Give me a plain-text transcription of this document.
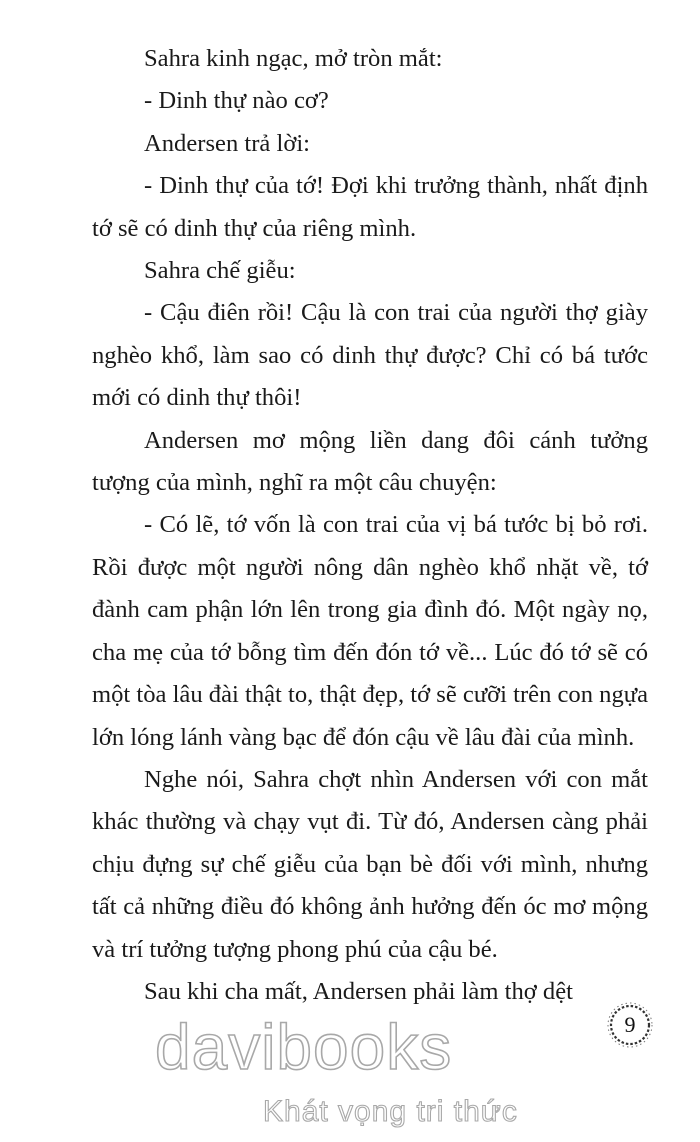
Sahra kinh ngạc, mở tròn mắt:

- Dinh thự nào cơ?

Andersen trả lời:

- Dinh thự của tớ! Đợi khi trưởng thành, nhất định tớ sẽ có dinh thự của riêng mình.

Sahra chế giễu:

- Cậu điên rồi! Cậu là con trai của người thợ giày nghèo khổ, làm sao có dinh thự được? Chỉ có bá tước mới có dinh thự thôi!

Andersen mơ mộng liền dang đôi cánh tưởng tượng của mình, nghĩ ra một câu chuyện:

- Có lẽ, tớ vốn là con trai của vị bá tước bị bỏ rơi. Rồi được một người nông dân nghèo khổ nhặt về, tớ đành cam phận lớn lên trong gia đình đó. Một ngày nọ, cha mẹ của tớ bỗng tìm đến đón tớ về... Lúc đó tớ sẽ có một tòa lâu đài thật to, thật đẹp, tớ sẽ cưỡi trên con ngựa lớn lóng lánh vàng bạc để đón cậu về lâu đài của mình.

Nghe nói, Sahra chợt nhìn Andersen với con mắt khác thường và chạy vụt đi. Từ đó, Andersen càng phải chịu đựng sự chế giễu của bạn bè đối với mình, nhưng tất cả những điều đó không ảnh hưởng đến óc mơ mộng và trí tưởng tượng phong phú của cậu bé.

Sau khi cha mất, Andersen phải làm thợ dệt

9
davibooks
Khát vọng tri thức
